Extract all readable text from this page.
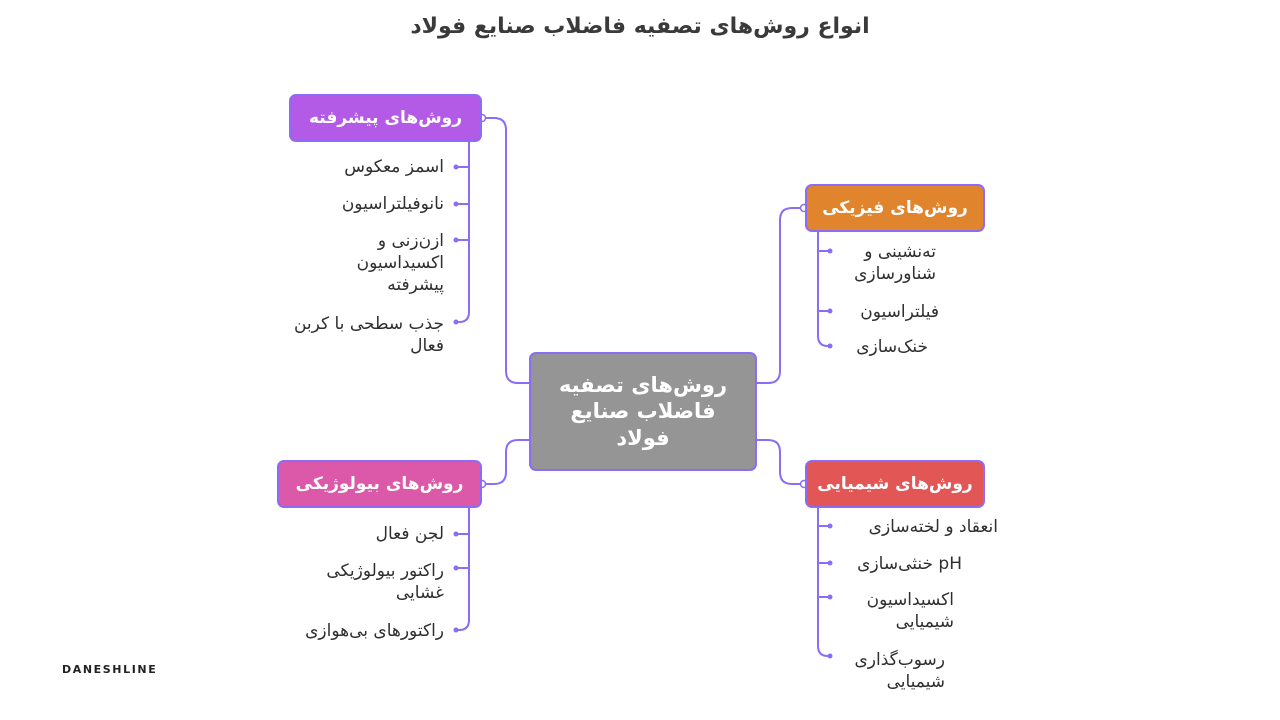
انواع روش‌های تصفیه فاضلاب صنایع فولاد
روش‌های تصفیه
فاضلاب صنایع
فولاد
روش‌های پیشرفته
اسمز معکوس
نانوفیلتراسیون
ازن‌زنی و
اکسیداسیون
پیشرفته
جذب سطحی با کربن
فعال
روش‌های فیزیکی
ته‌نشینی و
شناورسازی
فیلتراسیون
خنک‌سازی
روش‌های شیمیایی
انعقاد و لخته‌سازی
pH خنثی‌سازی
اکسیداسیون
شیمیایی
رسوب‌گذاری
شیمیایی
روش‌های بیولوژیکی
لجن فعال
راکتور بیولوژیکی
غشایی
راکتورهای بی‌هوازی
DANESHLINE
